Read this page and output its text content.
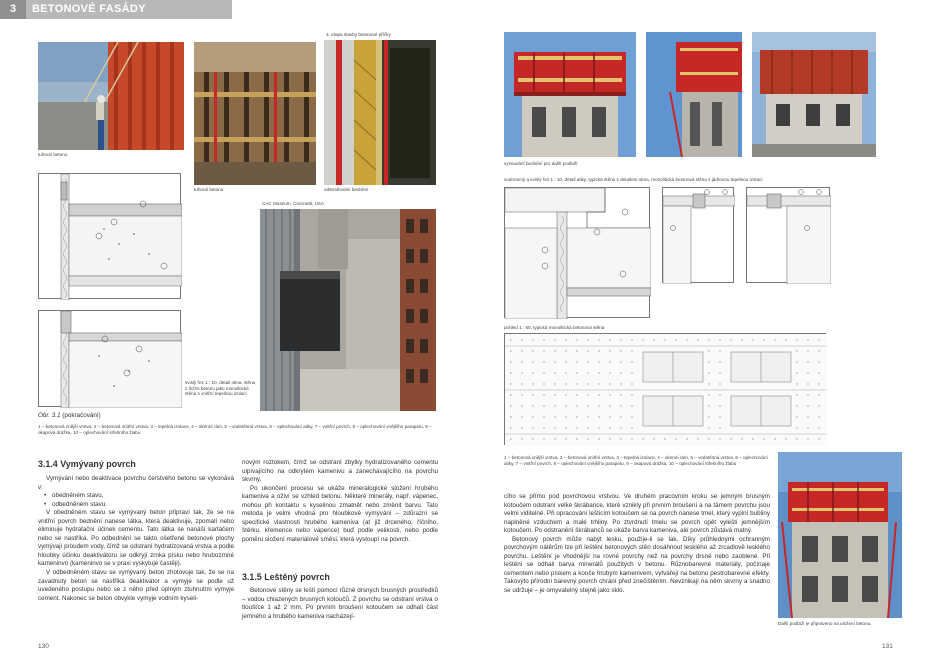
3	BETONOVÉ FASÁDY
tuhnutí betonu
tuhnutí betonu
3. etapa stavby betonové příčky
odstraňování bednění
svislý řez 1 : 10, detail okna, stěna z lícího betonu jako monolitické stěna s vnitřní tepelnou izolací
CAC Museum, Cincinatti, USA
Obr. 3.1 (pokračování)
1 – betonová vnější vrstva, 2 – betonová vnitřní vrstva, 3 – tepelná izolace, 4 – okenní rám, 5 – vodotěsná vrstva, 6 – oplechování atiky, 7 – vnitřní povrch, 8 – oplechování vnějšího parapetu, 9 – okapová drážka, 10 – oplechování střešního žlabu
3.1.4 Vymývaný povrch

Vymývání nebo deaktivace povrchu čerstvého betonu se vykonává v:

• obedněném stavu,
• odbedněném stavu.

V obedněném stavu se vymývaný beton připraví tak, že se na vnitřní povrch bednění nanese látka, která deaktivuje, zpomalí nebo eliminuje hydratační účinek cementu. Tato látka se nanáší kartáčem nebo se nastříká. Po odbednění se takto ošetřené betonové plochy vymývají proudem vody, čímž se odstraní hydratizovaná vrstva a podle hloubky účinku deaktivátoru se odkryjí zrnka písku nebo hrubozrnné kameninvo (kameninvo se v praxi vyskytuje častěji).

V odbedněném stavu se vymývaný beton zhotovuje tak, že se na zavadnutý beton se nastříká deaktivátor a vymyje se podle už uvedeného postupu nebo se z něho před úplným ztuhnutím vymyje cement. Nakonec se beton obvykle vymyje vodním kyseli-

novým roztokem, čímž se odstraní zbytky hydratizovaného cementu ulpívajícího na odkrytém kamenivu a zanechávajícího na povrchu skvrny.

Po ukončení procesu se ukáže mineralogické složení hrubého kameniva a oživí se vzhled betonu. Některé minerály, např. vápenec, mohou při kontaktu s kyselinou zmatnět nebo změnit barvu. Tato metoda je velmi vhodná pro hloubkové vymývání – zdůrazní se specifické vlastnosti hrubého kameniva (at již drceného, říčního, štěrku, křemence nebo vápence) buď podle velikosti, nebo podle poměru složení materiálové směsi, která vystoupí na povrch.

3.1.5 Leštěný povrch

Betonové stěny se leští pomocí různě drsných brusných prostředků – vodou chlazených brusných kotoučů. Z povrchu se odstraní vrstva o tloušťce 1 až 2 mm. Po prvním broušení kotoučem se odhalí část jemného a hrubého kameniva nacházejí-

130
vysouvání bednění pro další podlaží
vodorovný a svislý řez 1 : 10, detail atiky, typická stěna s detailem okna, monolitická betonová stěna s jádrovou tepelnou izolací
pohled 1 : 50, typická monolitická betonová stěna
1 – betonová vnější vrstva, 2 – betonová vnitřní vrstva, 3 – tepelná izolace, 4 – okenní rám, 5 – vodotěsná vrstva, 6 – oplechování atiky, 7 – vnitřní povrch, 8 – oplechování vnějšího parapetu, 9 – okapová drážka, 10 – oplechování střešního žlabu
Další podlaží je připraveno na uložení betonu.

cího se přímo pod povrchovou vrstvou. Ve druhém pracovním kroku se jemným brusným kotoučem odstraní velké škrábance, které vznikly při prvním broušení a na támem povrchu jsou velmi viditelné. Při opracování lešticím kotoučem se na povrch nanese tmel, který vyplní bubliny naplněné vzduchem a malé trhliny. Po ztvrdnutí tmelu se povrch opět vyleští jemnějším kotoučem. Po odstranění škrábanců se ukáže barva kameniva, ale povrch zůstává matný.

Betonový povrch může nabýt lesku, použije-li se lak. Díky průhlednými ochranným povrchovým nátěrům lze při leštění betonových stěn dosáhnout lesklého až zrcadlově lesklého povrchu. Leštění je vhodnější na rovné povrchy než na povrchy drsné nebo zaoblené. Při leštění se odhalí barva minerálů použitých v betonu. Různobarevné materiály, počínaje cementem nebo pískem a konče hrubým kamenivem, vytvářejí na betonu pestrobarevné efekty. Takovýto přírodní barevný povrch chrání před znečištěním. Nevznikají na něm skvrny a snadno se udržuje – je omyvatelný stejně jako sklo.

131
